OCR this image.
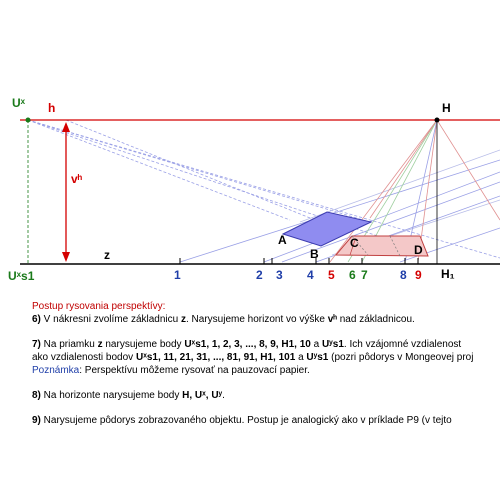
Uˣ h	H
vʰ
z
Uˣs1
A
B
C	D
H₁
1	2 3 4 5 6 7	8 9

Postup rysovania perspektívy:

6) V nákresni zvolíme základnicu z. Narysujeme horizont vo výške vʰ nad základnicou.

7) Na priamku z narysujeme body Uˣs1, 1, 2, 3, ..., 8, 9, H1, 10 a Uʸs1. Ich vzájomné vzdialenost

ako vzdialenosti bodov Uˣs1, 11, 21, 31, ..., 81, 91, H1, 101 a Uʸs1 (pozri pôdorys v Mongeovej proj

Poznámka: Perspektívu môžeme rysovať na pauzovací papier.

8) Na horizonte narysujeme body H, Uˣ, Uʸ.

9) Narysujeme pôdorys zobrazovaného objektu. Postup je analogický ako v príklade P9 (v tejto
